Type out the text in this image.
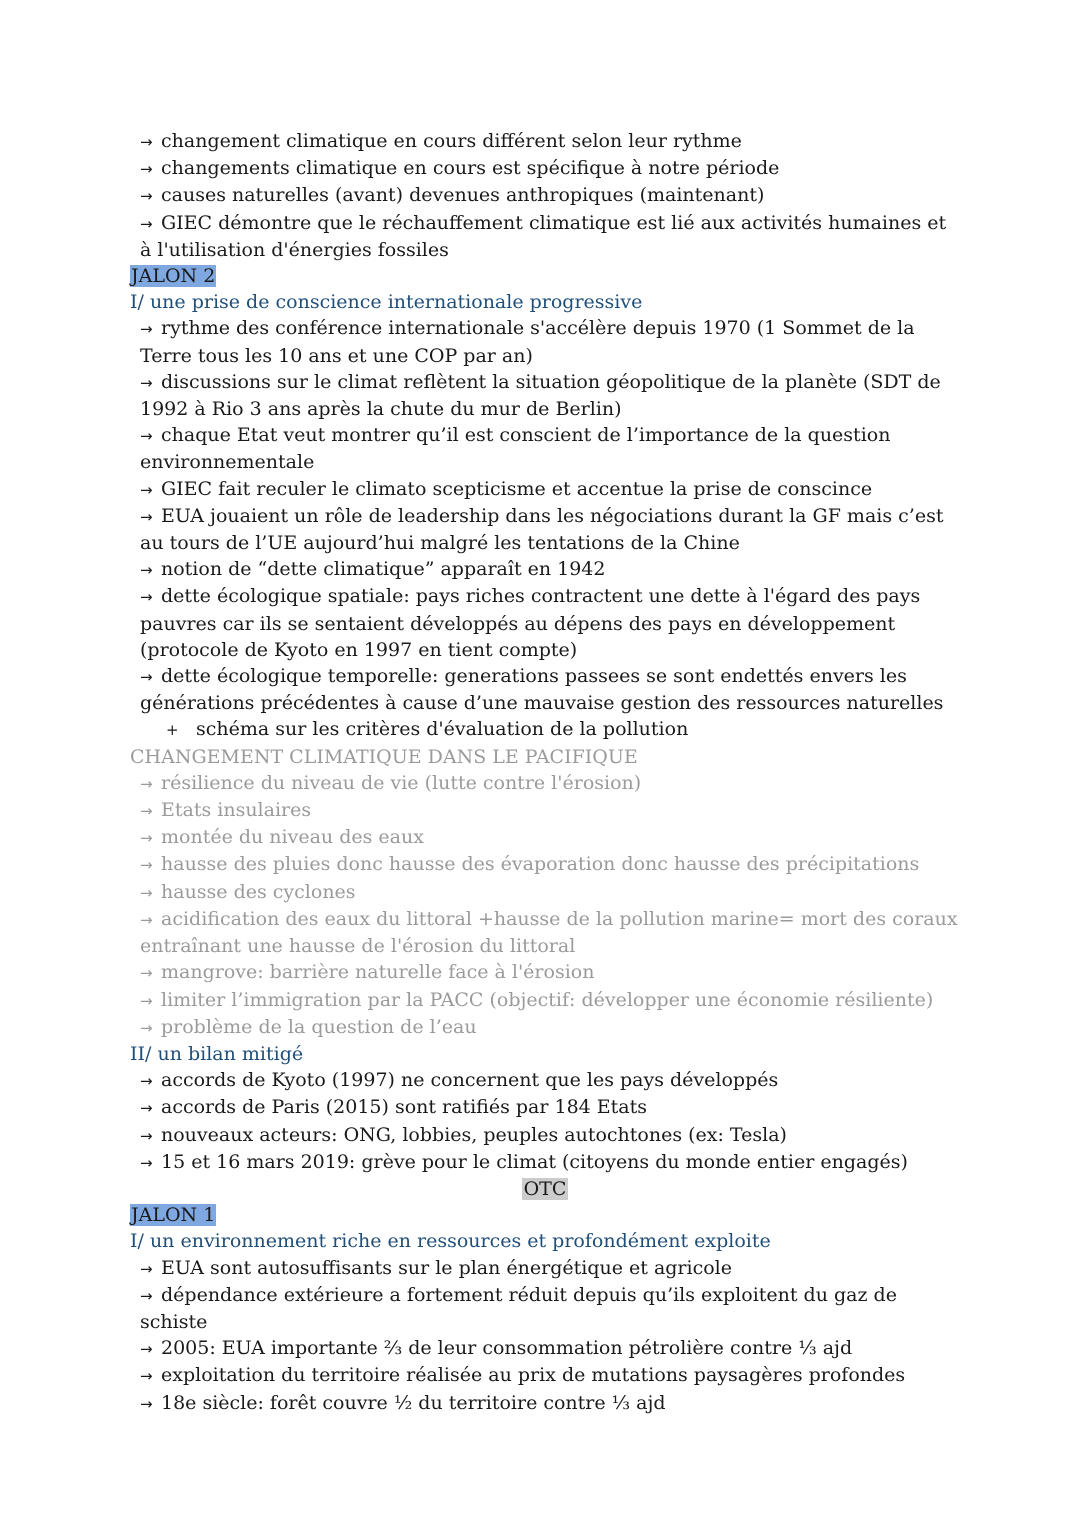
→ changement climatique en cours différent selon leur rythme

→ changements climatique en cours est spécifique à notre période

→ causes naturelles (avant) devenues anthropiques (maintenant)

→ GIEC démontre que le réchauffement climatique est lié aux activités humaines et à l'utilisation d'énergies fossiles

JALON 2

I/ une prise de conscience internationale progressive

→ rythme des conférence internationale s'accélère depuis 1970 (1 Sommet de la Terre tous les 10 ans et une COP par an)

→ discussions sur le climat reflètent la situation géopolitique de la planète (SDT de 1992 à Rio 3 ans après la chute du mur de Berlin)

→ chaque Etat veut montrer qu’il est conscient de l’importance de la question environnementale

→ GIEC fait reculer le climato scepticisme et accentue la prise de conscince

→ EUA jouaient un rôle de leadership dans les négociations durant la GF mais c’est au tours de l’UE aujourd’hui malgré les tentations de la Chine

→ notion de “dette climatique” apparaît en 1942

→ dette écologique spatiale: pays riches contractent une dette à l'égard des pays pauvres car ils se sentaient développés au dépens des pays en développement (protocole de Kyoto en 1997 en tient compte)

→ dette écologique temporelle: generations passees se sont endettés envers les générations précédentes à cause d’une mauvaise gestion des ressources naturelles

+ schéma sur les critères d'évaluation de la pollution

CHANGEMENT CLIMATIQUE DANS LE PACIFIQUE

→ résilience du niveau de vie (lutte contre l'érosion)

→ Etats insulaires

→ montée du niveau des eaux

→ hausse des pluies donc hausse des évaporation donc hausse des précipitations

→ hausse des cyclones

→ acidification des eaux du littoral +hausse de la pollution marine= mort des coraux entraînant une hausse de l'érosion du littoral

→ mangrove: barrière naturelle face à l'érosion

→ limiter l’immigration par la PACC (objectif: développer une économie résiliente)

→ problème de la question de l’eau

II/ un bilan mitigé

→ accords de Kyoto (1997) ne concernent que les pays développés

→ accords de Paris (2015) sont ratifiés par 184 Etats

→ nouveaux acteurs: ONG, lobbies, peuples autochtones (ex: Tesla)

→ 15 et 16 mars 2019: grève pour le climat (citoyens du monde entier engagés)

OTC

JALON 1

I/ un environnement riche en ressources et profondément exploite

→ EUA sont autosuffisants sur le plan énergétique et agricole

→ dépendance extérieure a fortement réduit depuis qu’ils exploitent du gaz de schiste

→ 2005: EUA importante ⅔ de leur consommation pétrolière contre ⅓ ajd

→ exploitation du territoire réalisée au prix de mutations paysagères profondes

→ 18e siècle: forêt couvre ½ du territoire contre ⅓ ajd
